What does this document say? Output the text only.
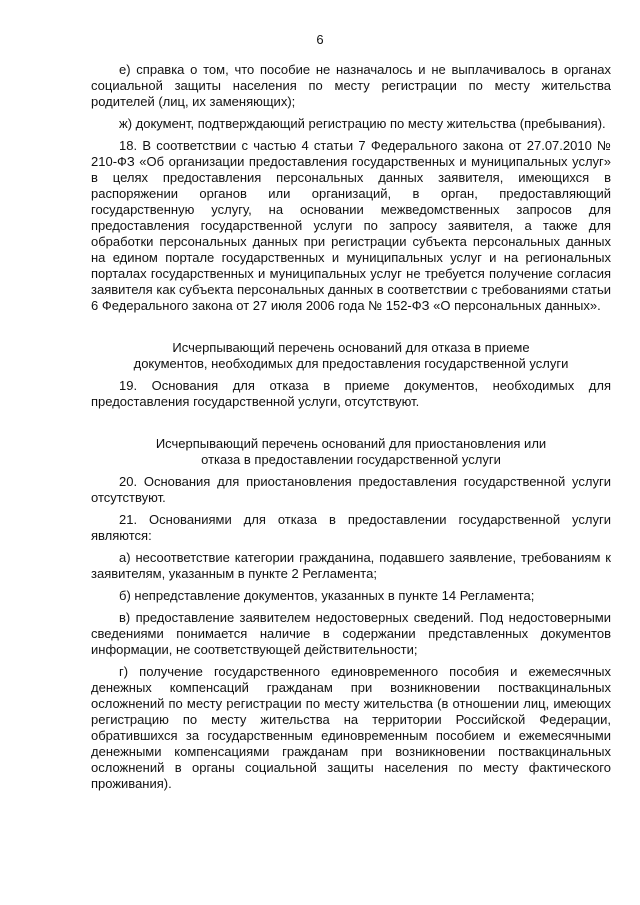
6

е) справка о том, что пособие не назначалось и не выплачивалось в органах социальной защиты населения по месту регистрации по месту жительства родителей (лиц, их заменяющих);

ж) документ, подтверждающий регистрацию по месту жительства (пребывания).

18. В соответствии с частью 4 статьи 7 Федерального закона от 27.07.2010 № 210-ФЗ «Об организации предоставления государственных и муниципальных услуг» в целях предоставления персональных данных заявителя, имеющихся в распоряжении органов или организаций, в орган, предоставляющий государственную услугу, на основании межведомственных запросов для предоставления государственной услуги по запросу заявителя, а также для обработки персональных данных при регистрации субъекта персональных данных на едином портале государственных и муниципальных услуг и на региональных порталах государственных и муниципальных услуг не требуется получение согласия заявителя как субъекта персональных данных в соответствии с требованиями статьи 6 Федерального закона от 27 июля 2006 года № 152-ФЗ «О персональных данных».

Исчерпывающий перечень оснований для отказа в приеме
документов, необходимых для предоставления государственной услуги

19. Основания для отказа в приеме документов, необходимых для предоставления государственной услуги, отсутствуют.

Исчерпывающий перечень оснований для приостановления или
отказа в предоставлении государственной услуги

20. Основания для приостановления предоставления государственной услуги отсутствуют.

21. Основаниями для отказа в предоставлении государственной услуги являются:

а) несоответствие категории гражданина, подавшего заявление, требованиям к заявителям, указанным в пункте 2 Регламента;

б) непредставление документов, указанных в пункте 14 Регламента;

в) предоставление заявителем недостоверных сведений. Под недостоверными сведениями понимается наличие в содержании представленных документов информации, не соответствующей действительности;

г) получение государственного единовременного пособия и ежемесячных денежных компенсаций гражданам при возникновении поствакцинальных осложнений по месту регистрации по месту жительства (в отношении лиц, имеющих регистрацию по месту жительства на территории Российской Федерации, обратившихся за государственным единовременным пособием и ежемесячными денежными компенсациями гражданам при возникновении поствакцинальных осложнений в органы социальной защиты населения по месту фактического проживания).
